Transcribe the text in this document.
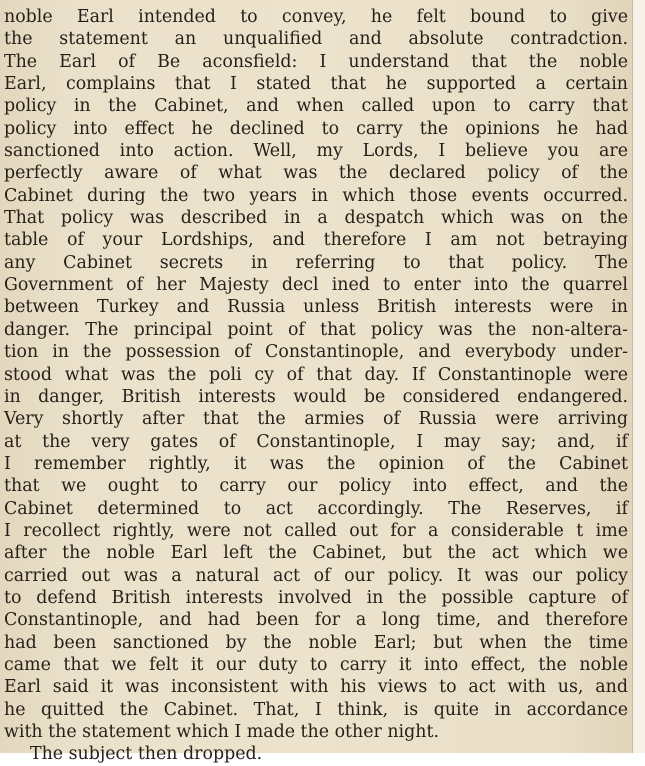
noble Earl intended to convey, he felt bound to give
the statement an unqualified and absolute contradction.
The Earl of Be aconsfield: I understand that the noble
Earl, complains that I stated that he supported a certain
policy in the Cabinet, and when called upon to carry that
policy into effect he declined to carry the opinions he had
sanctioned into action. Well, my Lords, I believe you are
perfectly aware of what was the declared policy of the
Cabinet during the two years in which those events occurred.
That policy was described in a despatch which was on the
table of your Lordships, and therefore I am not betraying
any Cabinet secrets in referring to that policy. The
Government of her Majesty decl ined to enter into the quarrel
between Turkey and Russia unless British interests were in
danger. The principal point of that policy was the non-altera-
tion in the possession of Constantinople, and everybody under-
stood what was the poli cy of that day. If Constantinople were
in danger, British interests would be considered endangered.
Very shortly after that the armies of Russia were arriving
at the very gates of Constantinople, I may say; and, if
I remember rightly, it was the opinion of the Cabinet
that we ought to carry our policy into effect, and the
Cabinet determined to act accordingly. The Reserves, if
I recollect rightly, were not called out for a considerable t ime
after the noble Earl left the Cabinet, but the act which we
carried out was a natural act of our policy. It was our policy
to defend British interests involved in the possible capture of
Constantinople, and had been for a long time, and therefore
had been sanctioned by the noble Earl; but when the time
came that we felt it our duty to carry it into effect, the noble
Earl said it was inconsistent with his views to act with us, and
he quitted the Cabinet. That, I think, is quite in accordance
with the statement which I made the other night.
The subject then dropped.
